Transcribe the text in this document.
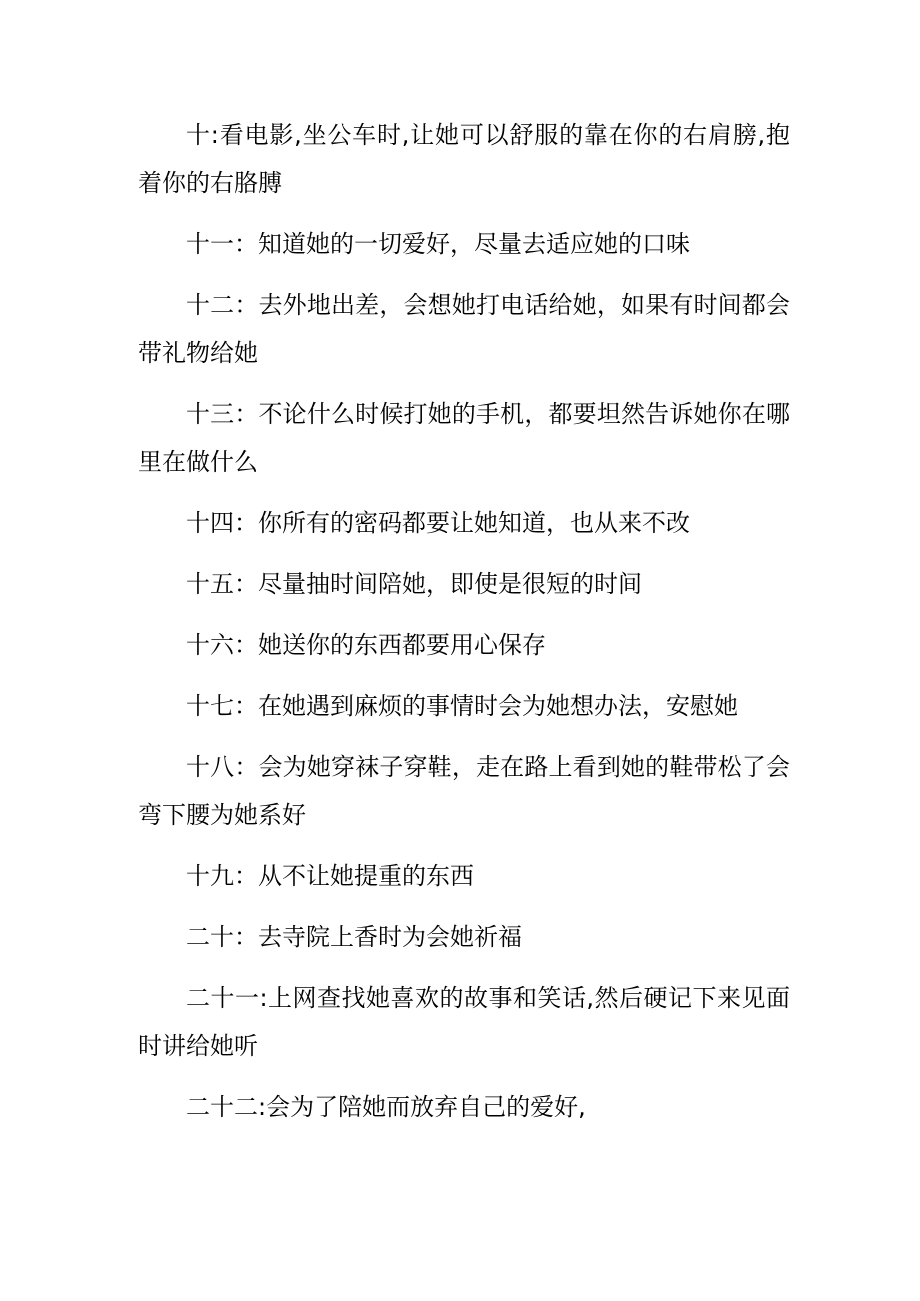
十:看电影,坐公车时,让她可以舒服的靠在你的右肩膀,抱着你的右胳膊

十一：知道她的一切爱好，尽量去适应她的口味

十二：去外地出差，会想她打电话给她，如果有时间都会带礼物给她

十三：不论什么时候打她的手机，都要坦然告诉她你在哪里在做什么

十四：你所有的密码都要让她知道，也从来不改

十五：尽量抽时间陪她，即使是很短的时间

十六：她送你的东西都要用心保存

十七：在她遇到麻烦的事情时会为她想办法，安慰她

十八：会为她穿袜子穿鞋，走在路上看到她的鞋带松了会弯下腰为她系好

十九：从不让她提重的东西

二十：去寺院上香时为会她祈福

二十一:上网查找她喜欢的故事和笑话,然后硬记下来见面时讲给她听

二十二:会为了陪她而放弃自己的爱好,
